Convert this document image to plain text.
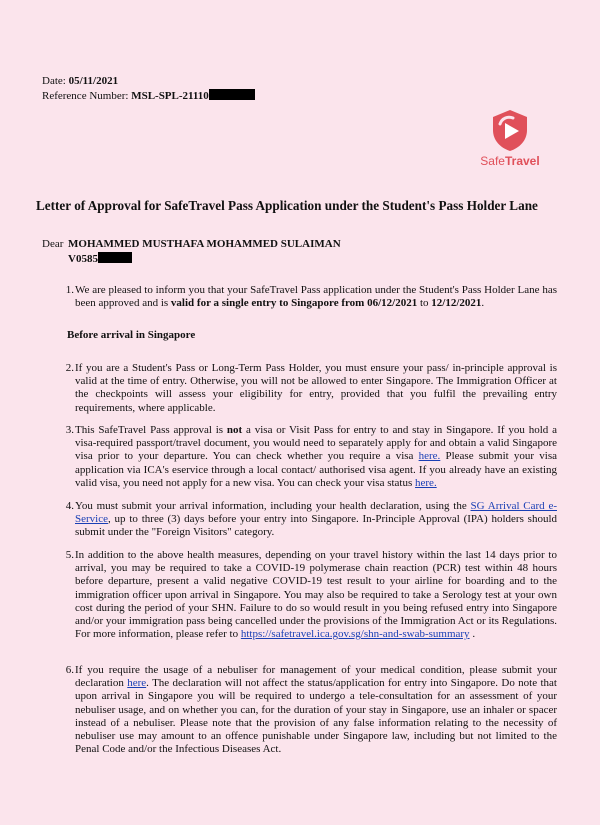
Date: 05/11/2021
Reference Number: MSL-SPL-21110
SafeTravel
Letter of Approval for SafeTravel Pass Application under the Student's Pass Holder Lane
Dear MOHAMMED MUSTHAFA MOHAMMED SULAIMAN
V0585
1. We are pleased to inform you that your SafeTravel Pass application under the Student's Pass Holder Lane has been approved and is valid for a single entry to Singapore from 06/12/2021 to 12/12/2021.
Before arrival in Singapore
2. If you are a Student's Pass or Long-Term Pass Holder, you must ensure your pass/ in-principle approval is valid at the time of entry. Otherwise, you will not be allowed to enter Singapore. The Immigration Officer at the checkpoints will assess your eligibility for entry, provided that you fulfil the prevailing entry requirements, where applicable.
3. This SafeTravel Pass approval is not a visa or Visit Pass for entry to and stay in Singapore. If you hold a visa-required passport/travel document, you would need to separately apply for and obtain a valid Singapore visa prior to your departure. You can check whether you require a visa here. Please submit your visa application via ICA's eservice through a local contact/ authorised visa agent. If you already have an existing valid visa, you need not apply for a new visa. You can check your visa status here.
4. You must submit your arrival information, including your health declaration, using the SG Arrival Card e-Service, up to three (3) days before your entry into Singapore. In-Principle Approval (IPA) holders should submit under the "Foreign Visitors" category.
5. In addition to the above health measures, depending on your travel history within the last 14 days prior to arrival, you may be required to take a COVID-19 polymerase chain reaction (PCR) test within 48 hours before departure, present a valid negative COVID-19 test result to your airline for boarding and to the immigration officer upon arrival in Singapore. You may also be required to take a Serology test at your own cost during the period of your SHN. Failure to do so would result in you being refused entry into Singapore and/or your immigration pass being cancelled under the provisions of the Immigration Act or its Regulations. For more information, please refer to https://safetravel.ica.gov.sg/shn-and-swab-summary .
6. If you require the usage of a nebuliser for management of your medical condition, please submit your declaration here. The declaration will not affect the status/application for entry into Singapore. Do note that upon arrival in Singapore you will be required to undergo a tele-consultation for an assessment of your nebuliser usage, and on whether you can, for the duration of your stay in Singapore, use an inhaler or spacer instead of a nebuliser. Please note that the provision of any false information relating to the necessity of nebuliser use may amount to an offence punishable under Singapore law, including but not limited to the Penal Code and/or the Infectious Diseases Act.
